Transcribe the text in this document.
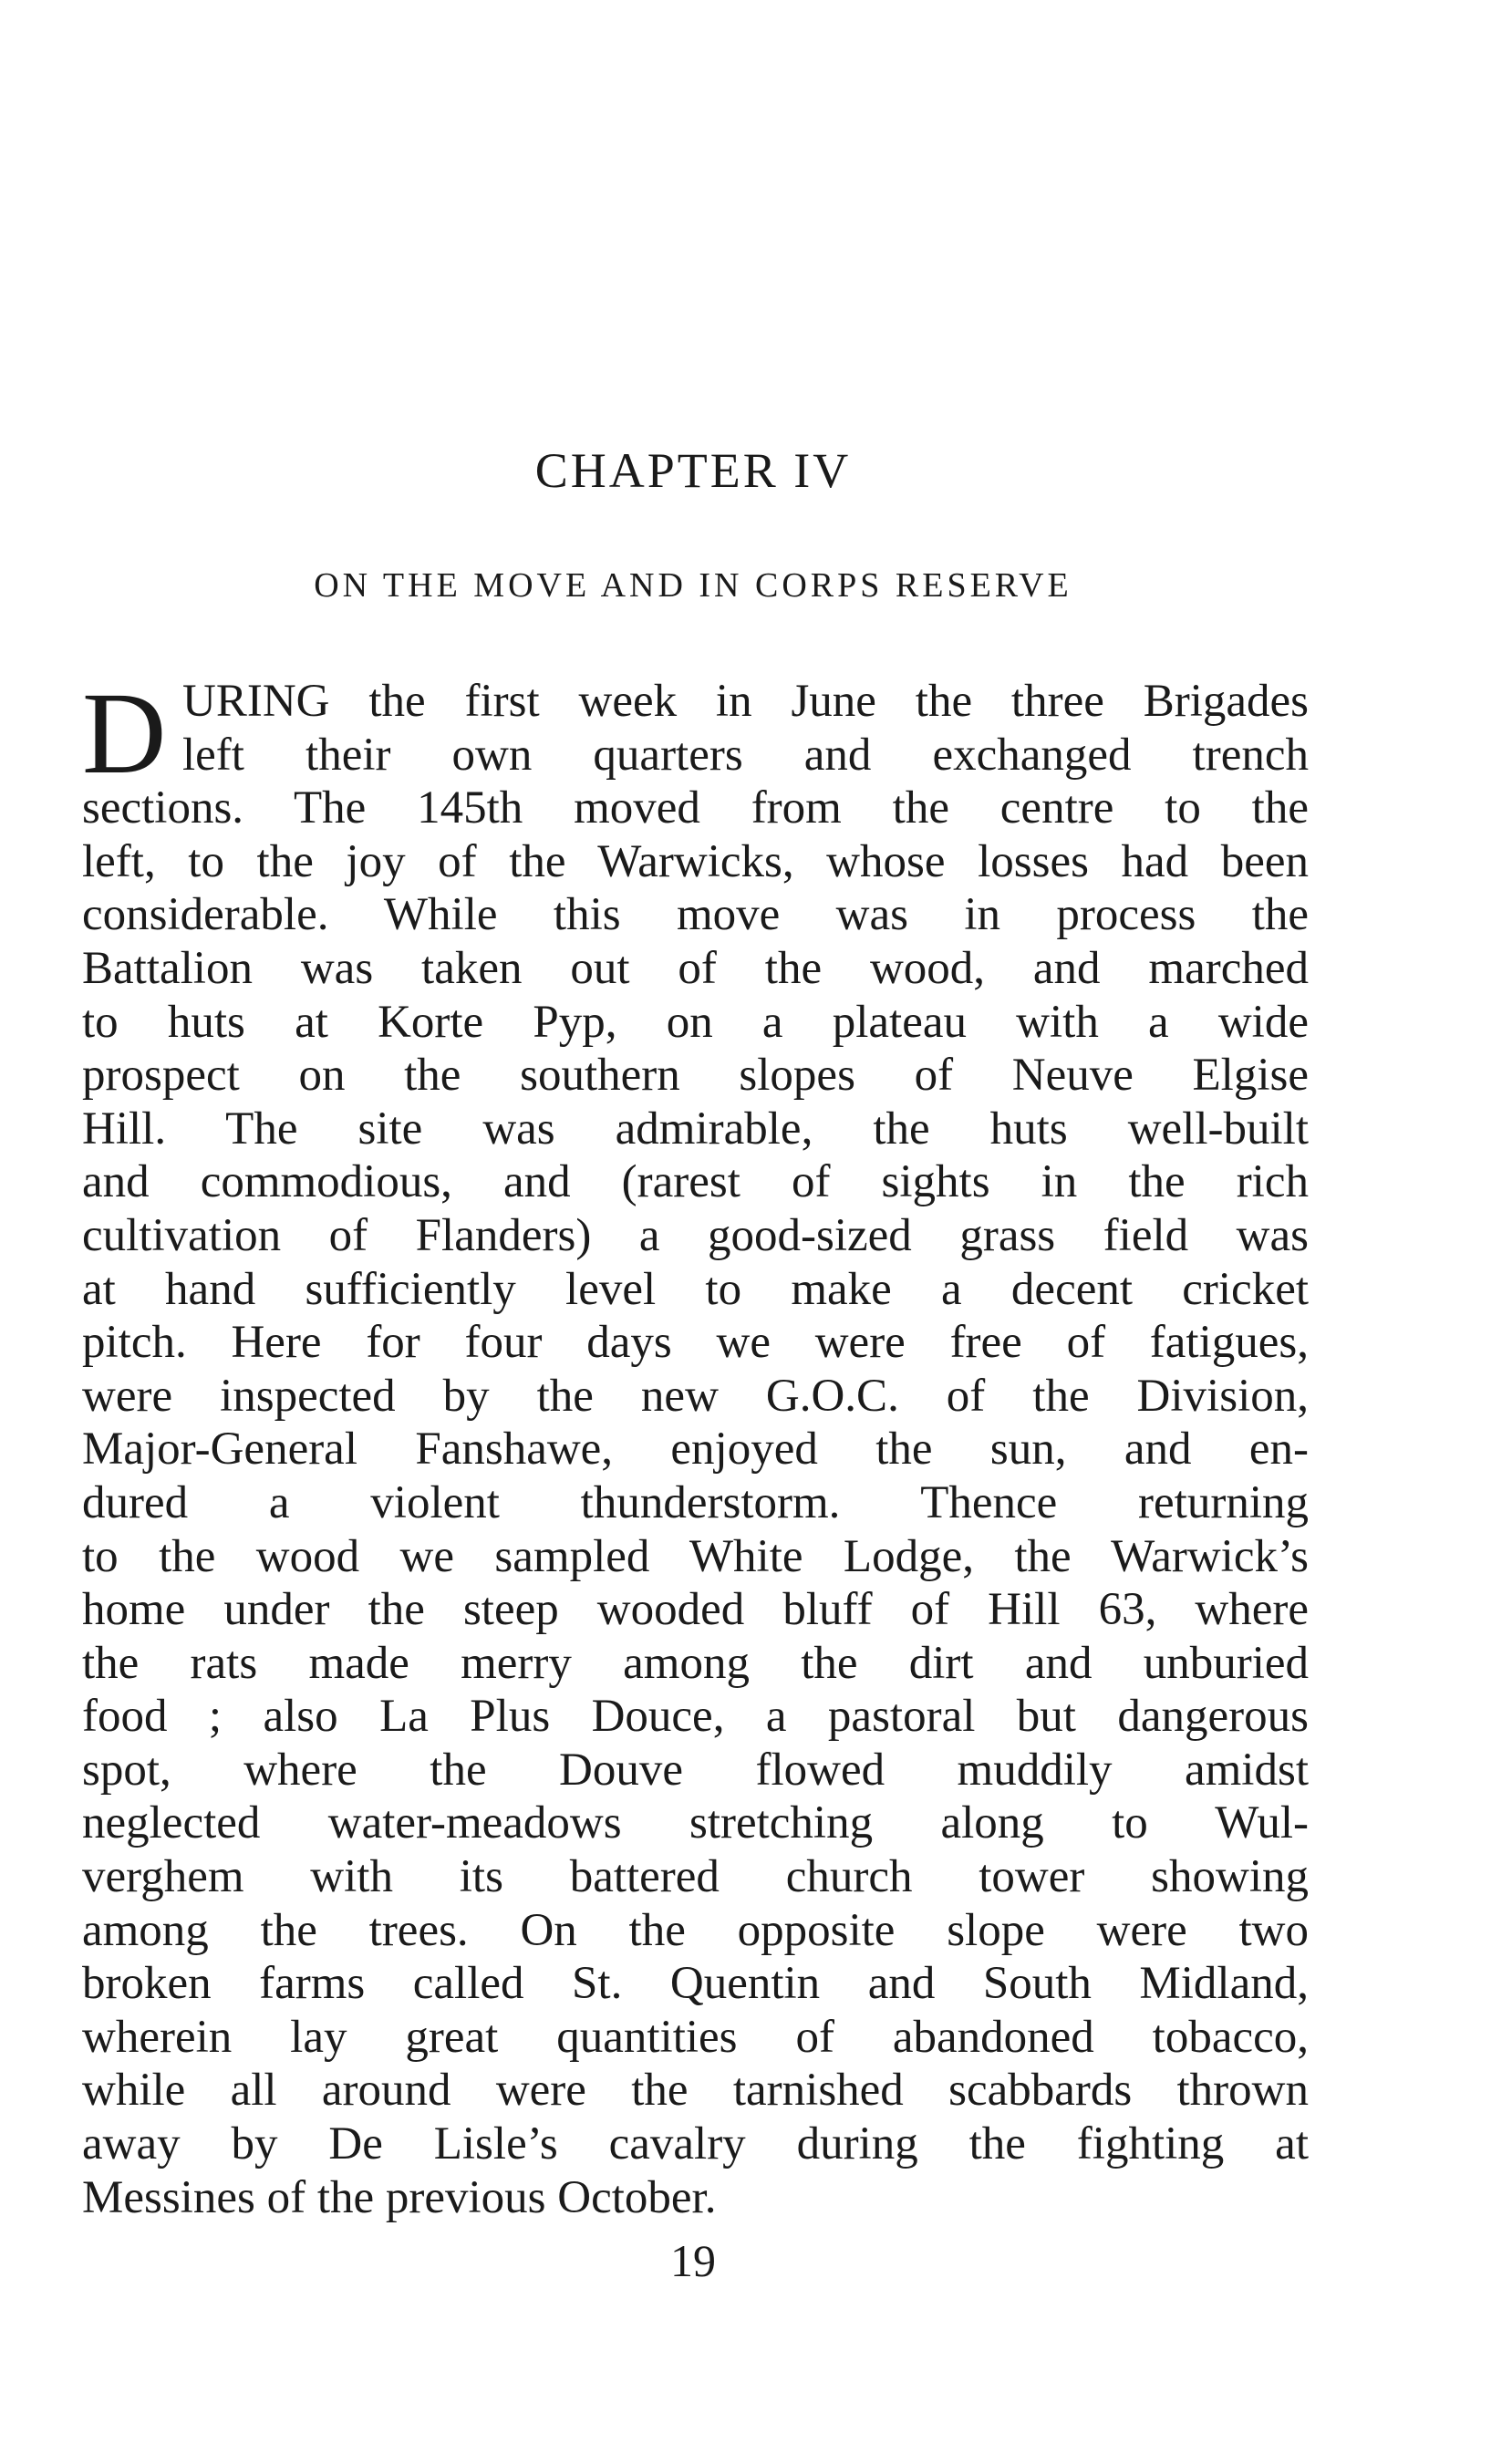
CHAPTER IV
ON THE MOVE AND IN CORPS RESERVE
D URING the first week in June the three Brigades
left their own quarters and exchanged trench
sections. The 145th moved from the centre to the
left, to the joy of the Warwicks, whose losses had been
considerable. While this move was in process the
Battalion was taken out of the wood, and marched
to huts at Korte Pyp, on a plateau with a wide
prospect on the southern slopes of Neuve Elgise
Hill. The site was admirable, the huts well-built
and commodious, and (rarest of sights in the rich
cultivation of Flanders) a good-sized grass field was
at hand sufficiently level to make a decent cricket
pitch. Here for four days we were free of fatigues,
were inspected by the new G.O.C. of the Division,
Major-General Fanshawe, enjoyed the sun, and en-
dured a violent thunderstorm. Thence returning
to the wood we sampled White Lodge, the Warwick’s
home under the steep wooded bluff of Hill 63, where
the rats made merry among the dirt and unburied
food ; also La Plus Douce, a pastoral but dangerous
spot, where the Douve flowed muddily amidst
neglected water-meadows stretching along to Wul-
verghem with its battered church tower showing
among the trees. On the opposite slope were two
broken farms called St. Quentin and South Midland,
wherein lay great quantities of abandoned tobacco,
while all around were the tarnished scabbards thrown
away by De Lisle’s cavalry during the fighting at
Messines of the previous October.
19
